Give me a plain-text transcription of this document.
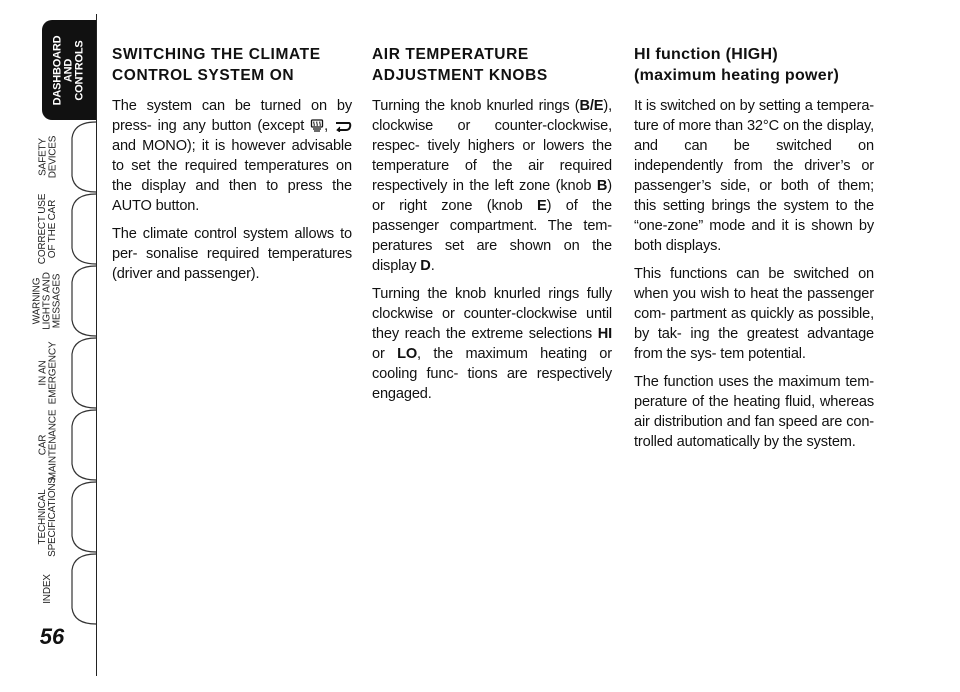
DASHBOARD
AND
CONTROLS
SAFETY
DEVICES
CORRECT USE
OF THE CAR
WARNING
LIGHTS AND
MESSAGES
IN AN
EMERGENCY
CAR
MAINTENANCE
TECHNICAL
SPECIFICATIONS
INDEX
56
SWITCHING THE CLIMATE CONTROL SYSTEM ON

The system can be turned on by press- ing any button (except ,  and MONO); it is however advisable to set the required temperatures on the display and then to press the AUTO button.

The climate control system allows to per- sonalise required temperatures (driver and passenger).

AIR TEMPERATURE ADJUSTMENT KNOBS

Turning the knob knurled rings (B/E), clockwise or counter-clockwise, respec- tively highers or lowers the temperature of the air required respectively in the left zone (knob B) or right zone (knob E) of the passenger compartment. The tem- peratures set are shown on the display D.

Turning the knob knurled rings fully clockwise or counter-clockwise until they reach the extreme selections HI or LO, the maximum heating or cooling func- tions are respectively engaged.

HI function (HIGH)
(maximum heating power)

It is switched on by setting a tempera- ture of more than 32°C on the display, and can be switched on independently from the driver’s or passenger’s side, or both of them; this setting brings the system to the “one-zone” mode and it is shown by both displays.

This functions can be switched on when you wish to heat the passenger com- partment as quickly as possible, by tak- ing the greatest advantage from the sys- tem potential.

The function uses the maximum tem- perature of the heating fluid, whereas air distribution and fan speed are con- trolled automatically by the system.
